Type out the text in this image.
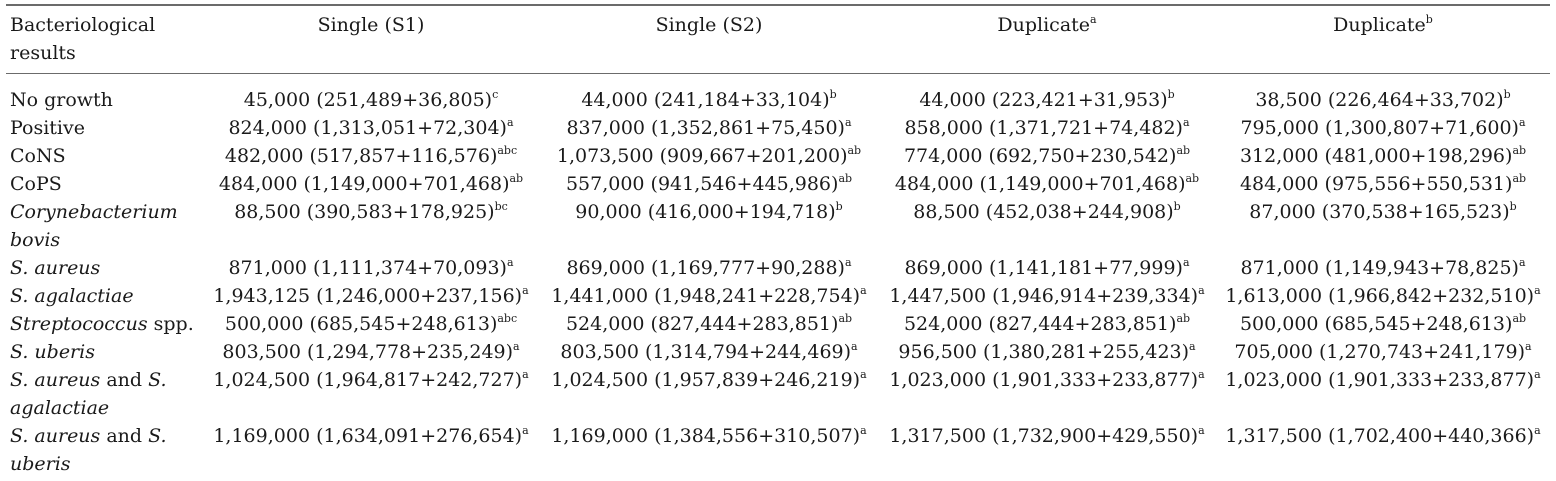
Bacteriological results	Single (S1)	Single (S2)	Duplicate$^a$	Duplicate$^b$

No growth	45,000 $(251,489+36,805)^c$	44,000 $(241,184+33,104)^b$	44,000 $(223,421+31,953)^b$	38,500 $(226,464+33,702)^b$
Positive	824,000 $(1,313,051+72,304)^a$	837,000 $(1,352,861+75,450)^a$	858,000 $(1,371,721+74,482)^a$	795,000 $(1,300,807+71,600)^a$
CoNS	482,000 $(517,857+116,576)^{abc}$	1,073,500 $(909,667+201,200)^{ab}$	774,000 $(692,750+230,542)^{ab}$	312,000 $(481,000+198,296)^{ab}$
CoPS	484,000 $(1,149,000+701,468)^{ab}$	557,000 $(941,546+445,986)^{ab}$	484,000 $(1,149,000+701,468)^{ab}$	484,000 $(975,556+550,531)^{ab}$
Corynebacterium bovis	88,500 $(390,583+178,925)^{bc}$	90,000 $(416,000+194,718)^b$	88,500 $(452,038+244,908)^b$	87,000 $(370,538+165,523)^b$
S. aureus	871,000 $(1,111,374+70,093)^a$	869,000 $(1,169,777+90,288)^a$	869,000 $(1,141,181+77,999)^a$	871,000 $(1,149,943+78,825)^a$
S. agalactiae	1,943,125 $(1,246,000+237,156)^a$	1,441,000 $(1,948,241+228,754)^a$	1,447,500 $(1,946,914+239,334)^a$	1,613,000 $(1,966,842+232,510)^a$
Streptococcus spp.	500,000 $(685,545+248,613)^{abc}$	524,000 $(827,444+283,851)^{ab}$	524,000 $(827,444+283,851)^{ab}$	500,000 $(685,545+248,613)^{ab}$
S. uberis	803,500 $(1,294,778+235,249)^a$	803,500 $(1,314,794+244,469)^a$	956,500 $(1,380,281+255,423)^a$	705,000 $(1,270,743+241,179)^a$
S. aureus and S. agalactiae	1,024,500 $(1,964,817+242,727)^a$	1,024,500 $(1,957,839+246,219)^a$	1,023,000 $(1,901,333+233,877)^a$	1,023,000 $(1,901,333+233,877)^a$
S. aureus and S. uberis	1,169,000 $(1,634,091+276,654)^a$	1,169,000 $(1,384,556+310,507)^a$	1,317,500 $(1,732,900+429,550)^a$	1,317,500 $(1,702,400+440,366)^a$
